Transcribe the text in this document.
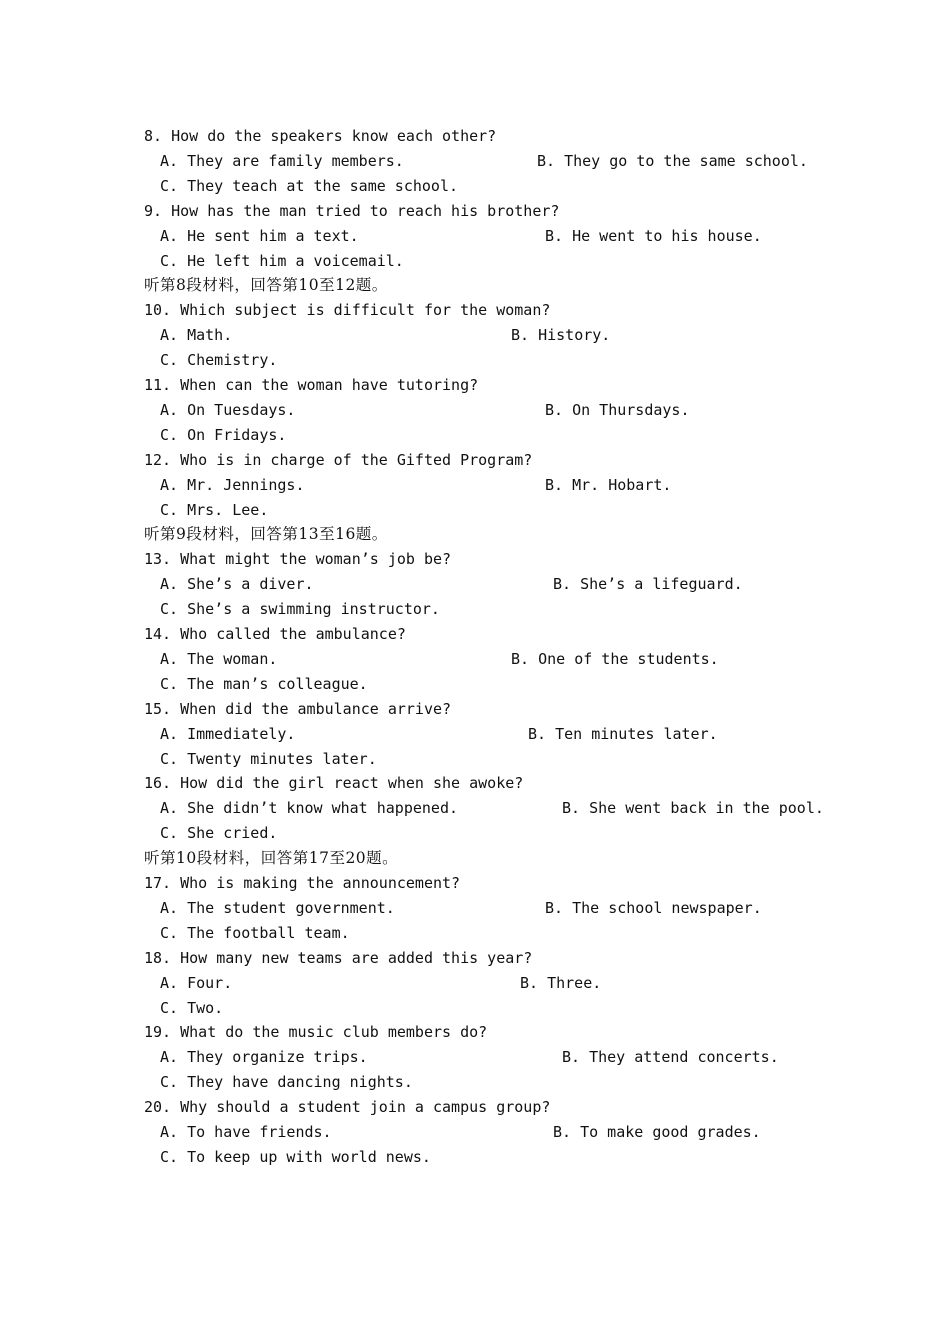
8. How do the speakers know each other?
A. They are family members.	B. They go to the same school.
C. They teach at the same school.
9. How has the man tried to reach his brother?
A. He sent him a text.	B. He went to his house.
C. He left him a voicemail.
听第8段材料，回答第10至12题。
10. Which subject is difficult for the woman?
A. Math.	B. History.
C. Chemistry.
11. When can the woman have tutoring?
A. On Tuesdays.	B. On Thursdays.
C. On Fridays.
12. Who is in charge of the Gifted Program?
A. Mr. Jennings.	B. Mr. Hobart.
C. Mrs. Lee.
听第9段材料，回答第13至16题。
13. What might the woman’s job be?
A. She’s a diver.	B. She’s a lifeguard.
C. She’s a swimming instructor.
14. Who called the ambulance?
A. The woman.	B. One of the students.
C. The man’s colleague.
15. When did the ambulance arrive?
A. Immediately.	B. Ten minutes later.
C. Twenty minutes later.
16. How did the girl react when she awoke?
A. She didn’t know what happened.	B. She went back in the pool.
C. She cried.
听第10段材料，回答第17至20题。
17. Who is making the announcement?
A. The student government.	B. The school newspaper.
C. The football team.
18. How many new teams are added this year?
A. Four.	B. Three.
C. Two.
19. What do the music club members do?
A. They organize trips.	B. They attend concerts.
C. They have dancing nights.
20. Why should a student join a campus group?
A. To have friends.	B. To make good grades.
C. To keep up with world news.
